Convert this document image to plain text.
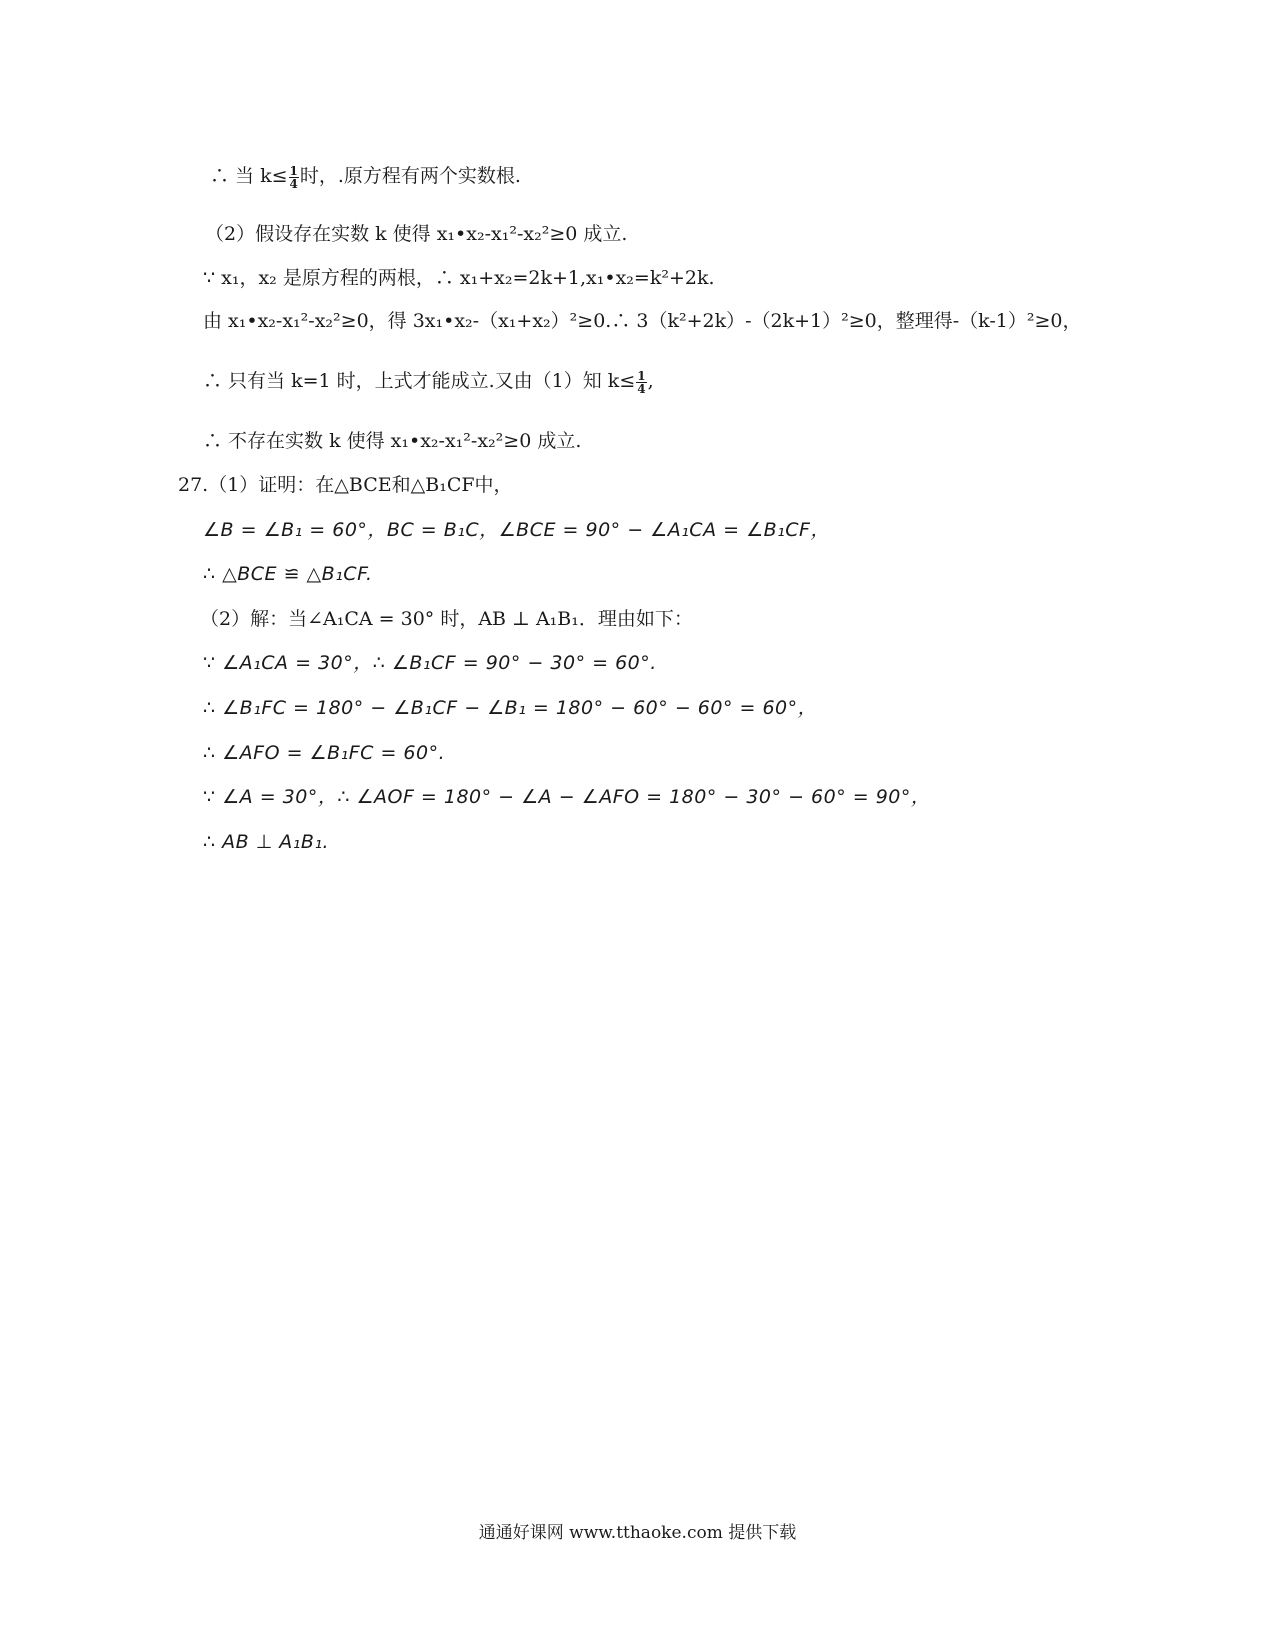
∴ 当 $k\le \frac{1}{4}$ 时，.原方程有两个实数根.
（2）假设存在实数 k 使得 x₁•x₂-x₁²-x₂²≥0 成立.
∵ x₁，x₂ 是原方程的两根，∴ x₁+x₂=2k+1,x₁•x₂=k²+2k.
由 x₁•x₂-x₁²-x₂²≥0，得 3x₁•x₂-（x₁+x₂）²≥0.∴ 3（k²+2k）-（2k+1）²≥0，整理得-（k-1）²≥0，
∴ 只有当 k=1 时，上式才能成立.又由（1）知 $k\le \frac{1}{4}$ ,
∴ 不存在实数 k 使得 x₁•x₂-x₁²-x₂²≥0 成立.
27.（1）证明：在△BCE和△B₁CF中，
∠B = ∠B₁ = 60°，BC = B₁C，∠BCE = 90° − ∠A₁CA = ∠B₁CF，
∴ △BCE ≌ △B₁CF.
（2）解：当∠A₁CA = 30° 时，AB ⊥ A₁B₁．理由如下：
∵ ∠A₁CA = 30°，∴ ∠B₁CF = 90° − 30° = 60°.
∴ ∠B₁FC = 180° − ∠B₁CF − ∠B₁ = 180° − 60° − 60° = 60°，
∴ ∠AFO = ∠B₁FC = 60°.
∵ ∠A = 30°，∴ ∠AOF = 180° − ∠A − ∠AFO = 180° − 30° − 60° = 90°，
∴ AB ⊥ A₁B₁.
通通好课网 www.tthaoke.com 提供下载
